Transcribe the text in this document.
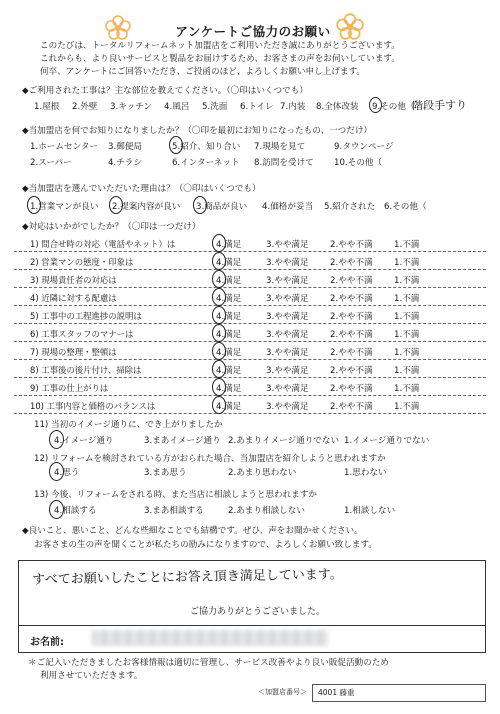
アンケートご協力のお願い
このたびは、トータルリフォームネット加盟店をご利用いただき誠にありがとうございます。
これからも、より良いサービスと製品をお届けするため、お客さまの声をお伺いしています。
何卒、アンケートにご回答いただき、ご投函のほど、よろしくお願い申し上げます。
◆ご利用された工事は？主な部位を教えてください。（〇印はいくつでも）
1.屋根 2.外壁 3.キッチン 4.風呂 5.洗面 6.トイレ 7.内装 8.全体改装 9.その他（
階段手すり
◆当加盟店を何でお知りになりましたか？（〇印を最初にお知りになったもの、一つだけ）
1.ホームセンター 3.郵便局	5.紹介、知り合い 7.現場を見て	9.タウンページ
2.スーパー	4.チラシ	6.インターネット 8.訪問を受けて 10.その他（
◆当加盟店を選んでいただいた理由は？（〇印はいくつでも）
1.営業マンが良い 2.提案内容が良い 3.商品が良い 4.価格が妥当 5.紹介された 6.その他（
◆対応はいかがでしたか？（〇印は一つだけ）
1) 問合せ時の対応（電話やネット）は	4.満足	3.やや満足 2.やや不満 1.不満
2) 営業マンの態度・印象は	4.満足	3.やや満足 2.やや不満 1.不満
3) 現場責任者の対応は	4.満足	3.やや満足 2.やや不満 1.不満
4) 近隣に対する配慮は	4.満足	3.やや満足 2.やや不満 1.不満
5) 工事中の工程進捗の説明は	4.満足	3.やや満足 2.やや不満 1.不満
6) 工事スタッフのマナーは	4.満足	3.やや満足 2.やや不満 1.不満
7) 現場の整理・整頓は	4.満足	3.やや満足 2.やや不満 1.不満
8) 工事後の後片付け、掃除は	4.満足	3.やや満足 2.やや不満 1.不満
9) 工事の仕上がりは	4.満足	3.やや満足 2.やや不満 1.不満
10) 工事内容と価格のバランスは	4.満足	3.やや満足 2.やや不満 1.不満
11) 当初のイメージ通りに、でき上がりましたか
4.イメージ通り	3.まあイメージ通り 2.あまりイメージ通りでない 1.イメージ通りでない
12) リフォームを検討されている方がおられた場合、当加盟店を紹介しようと思われますか
4.思う	3.まあ思う	2.あまり思わない	1.思わない
13) 今後、リフォームをされる時、また当店に相談しようと思われますか
4.相談する	3.まあ相談する	2.あまり相談しない	1.相談しない
◆良いこと、悪いこと、どんな些細なことでも結構です。ぜひ、声をお聞かせください。
お客さまの生の声を聞くことが私たちの励みになりますので、よろしくお願い致します。
すべてお願いしたことにお答え頂き満足しています。
ご協力ありがとうございました。
お名前:
＊ご記入いただきましたお客様情報は適切に管理し、サービス改善やより良い販促活動のため
利用させていただきます。
＜加盟店番号＞ 4001 藤重
